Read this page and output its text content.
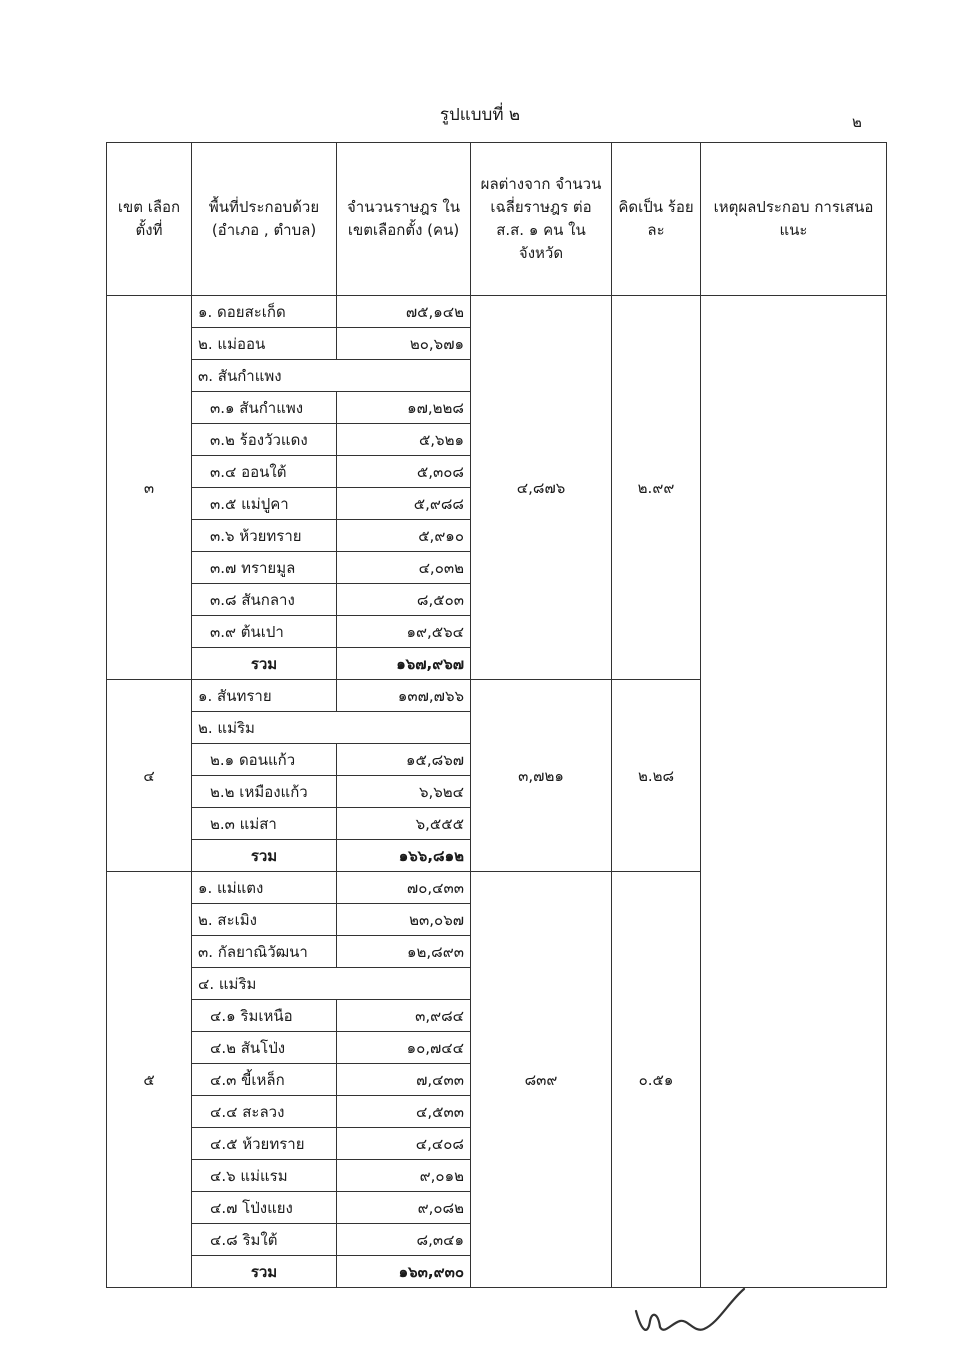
รูปแบบที่ ๒	๒
เขต เลือกตั้งที่	พื้นที่ประกอบด้วย (อำเภอ , ตำบล)	จำนวนราษฎร ในเขตเลือกตั้ง (คน)	ผลต่างจาก จำนวนเฉลี่ยราษฎร ต่อ ส.ส. ๑ คน ในจังหวัด	คิดเป็น ร้อยละ	เหตุผลประกอบ การเสนอแนะ
๓	๑. ดอยสะเก็ด	๗๕,๑๔๒	๔,๘๗๖	๒.๙๙	
	๒. แม่ออน	๒๐,๖๗๑			
	๓. สันกำแพง				
	๓.๑ สันกำแพง	๑๗,๒๒๘			
	๓.๒ ร้องวัวแดง	๕,๖๒๑			
	๓.๔ ออนใต้	๕,๓๐๘			
	๓.๕ แม่ปูคา	๕,๙๘๘			
	๓.๖ ห้วยทราย	๕,๙๑๐			
	๓.๗ ทรายมูล	๔,๐๓๒			
	๓.๘ สันกลาง	๘,๕๐๓			
	๓.๙ ต้นเปา	๑๙,๕๖๔			
	รวม	๑๖๗,๙๖๗			
๔	๑. สันทราย	๑๓๗,๗๖๖	๓,๗๒๑	๒.๒๘	
	๒. แม่ริม				
	๒.๑ ดอนแก้ว	๑๕,๘๖๗			
	๒.๒ เหมืองแก้ว	๖,๖๒๔			
	๒.๓ แม่สา	๖,๕๕๕			
	รวม	๑๖๖,๘๑๒			
๕	๑. แม่แตง	๗๐,๔๓๓	๘๓๙	๐.๕๑	
	๒. สะเมิง	๒๓,๐๖๗			
	๓. กัลยาณิวัฒนา	๑๒,๘๙๓			
	๔. แม่ริม				
	๔.๑ ริมเหนือ	๓,๙๘๔			
	๔.๒ สันโป่ง	๑๐,๗๔๔			
	๔.๓ ขี้เหล็ก	๗,๔๓๓			
	๔.๔ สะลวง	๔,๕๓๓			
	๔.๕ ห้วยทราย	๔,๔๐๘			
	๔.๖ แม่แรม	๙,๐๑๒			
	๔.๗ โป่งแยง	๙,๐๘๒			
	๔.๘ ริมใต้	๘,๓๔๑			
	รวม	๑๖๓,๙๓๐			
